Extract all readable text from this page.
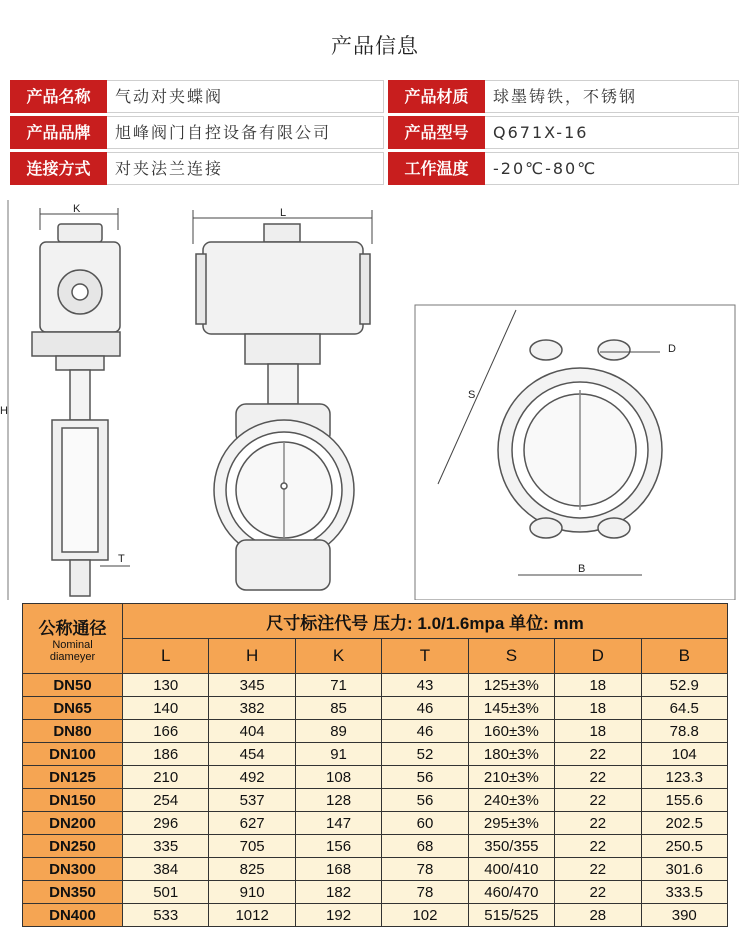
产品信息
产品名称	气动对夹蝶阀	产品材质	球墨铸铁，不锈钢
产品品牌	旭峰阀门自控设备有限公司	产品型号	Q671X-16
连接方式	对夹法兰连接	工作温度	-20℃-80℃
K
H
T
L
S
D
B
公称通径
Nominal
diameyer	尺寸标注代号 压力: 1.0/1.6mpa 单位: mm						
	L	H	K	T	S	D	B
DN50	130	345	71	43	125±3%	18	52.9
DN65	140	382	85	46	145±3%	18	64.5
DN80	166	404	89	46	160±3%	18	78.8
DN100	186	454	91	52	180±3%	22	104
DN125	210	492	108	56	210±3%	22	123.3
DN150	254	537	128	56	240±3%	22	155.6
DN200	296	627	147	60	295±3%	22	202.5
DN250	335	705	156	68	350/355	22	250.5
DN300	384	825	168	78	400/410	22	301.6
DN350	501	910	182	78	460/470	22	333.5
DN400	533	1012	192	102	515/525	28	390
